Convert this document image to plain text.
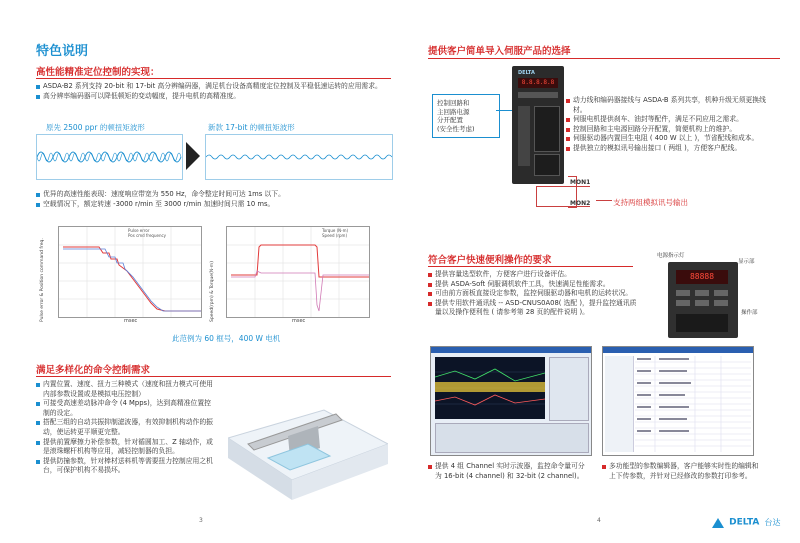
特色说明
高性能精准定位控制的实现：
ASDA-B2 系列支持 20-bit 和 17-bit 高分辨编码器，满足机台设备高精度定位控制及平稳低速运转的应用需求。
高分辨率编码器可以降低顿矩的变动幅度，提升电机的高精准度。
原先 2500 ppr 的顿扭矩波形	新款 17-bit 的顿扭矩波形
优异的高速性能表现：速度响应带宽为 550 Hz，命令整定时间可达 1ms 以下。
空载情况下，额定转速 -3000 r/min 至 3000 r/min 加速时间只需 10 ms。
Pulse error & Position command freq.
Pulse error
Pos cmd frequency
msec	Speed(rpm) & Torque(N-m)
Torque (N-m)
Speed (rpm)
msec
此范例为 60 框号，400 W 电机
满足多样化的命令控制需求
内置位置、速度、扭力三种模式（速度和扭力模式可使用内部参数设置或是模拟电压控制）
可接受高速差动脉冲命令 (4 Mpps)，达到高精准位置控制的设定。
搭配三组的自动共振抑制滤波器，有效抑制机构动作的振动，使运转更平顺更完整。
提供前置摩擦力补偿参数，针对循圆加工、Z 轴动作，或是滚珠螺杆机构等应用，减轻控制器的负担。
提供防撞参数，针对棒材送料机等需要扭力控制应用之机台，可保护机构不易损坏。
3
提供客户简单导入伺服产品的选择
控制回路和
主回路电源
分开配置
(安全性考虑)
DELTA
8.8.8.8.8
动力线和编码器接线与 ASDA-B 系列共享，机种升级无须更换线材。
伺服电机提供刹车、油封等配件，满足不同应用之需求。
控制回路和主电源回路分开配置，简便机构上的维护。
伺服驱动器内置回生电阻 ( 400 W 以上 )，节省配线和成本。
提供独立的模拟讯号输出接口 ( 两组 )，方便客户配线。
MON1
MON2	支持两组模拟讯号输出
符合客户快速便利操作的要求
提供容量选型软件，方便客户进行设备评估。
提供 ASDA-Soft 伺服调机软件工具，快速满足性能需求。
可由前方面板直接设定参数，监控伺服驱动器和电机的运转状况。
提供专用软件通讯线 -- ASD-CNUS0A08( 选配 )，提升监控通讯质量以及操作便利性 ( 请参考第 28 页的配件说明 )。
电源指示灯
显示部
操作部
88888
提供 4 组 Channel 实时示波器，监控命令量可分为 16-bit (4 channel) 和 32-bit (2 channel)。
多功能型的参数编辑器，客户能够实时性的编辑和上下传参数，并针对已经修改的参数打印参考。
4	DELTA 台达
